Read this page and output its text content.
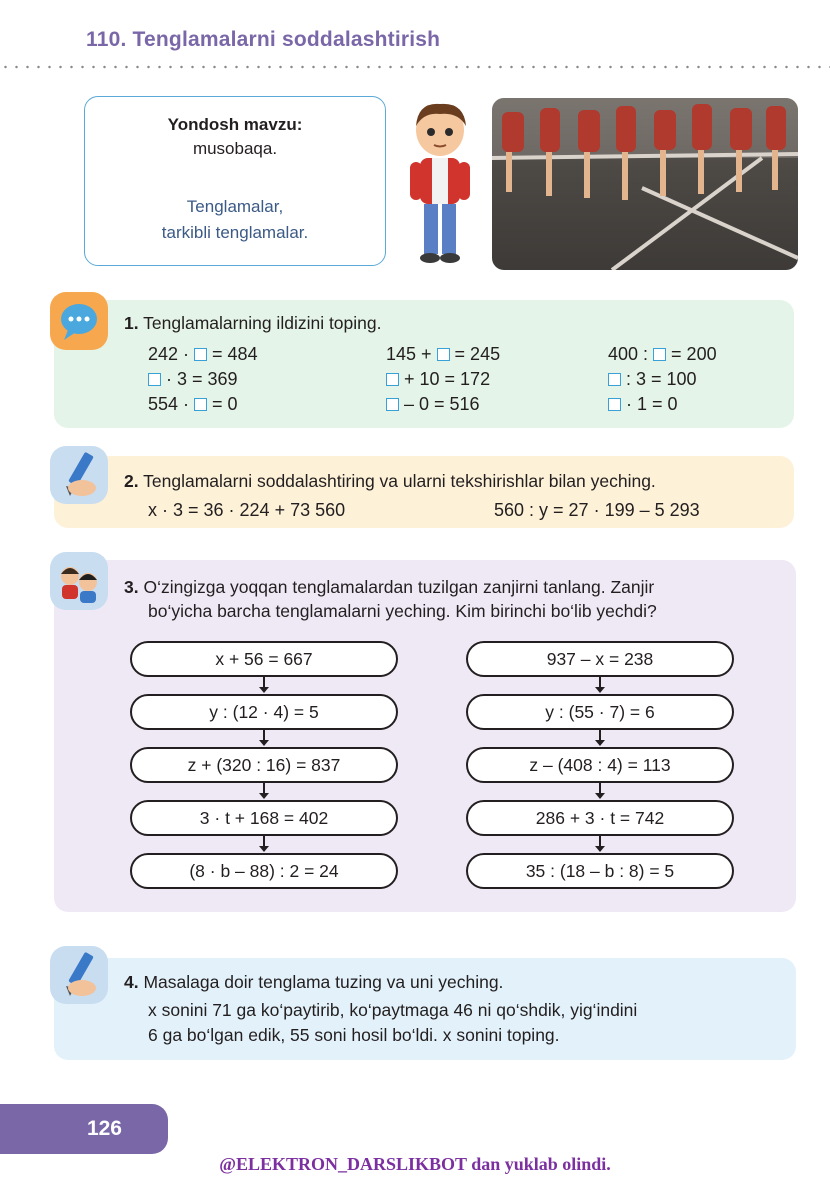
110. Tenglamalarni soddalashtirish
Yondosh mavzu:
musobaqa.
Tenglamalar,
tarkibli tenglamalar.
1. Tenglamalarning ildizini toping.
242 ·  = 484
· 3 = 369
554 ·  = 0
145 +  = 245
+ 10 = 172
– 0 = 516
400 :  = 200
: 3 = 100
· 1 = 0
2. Tenglamalarni soddalashtiring va ularni tekshirishlar bilan yeching.
x · 3 = 36 · 224 + 73 560	560 : y = 27 · 199 – 5 293
3. O‘zingizga yoqqan tenglamalardan tuzilgan zanjirni tanlang. Zanjir
bo‘yicha barcha tenglamalarni yeching. Kim birinchi bo‘lib yechdi?
x + 56 = 667
y : (12 · 4) = 5
z + (320 : 16) = 837
3 · t + 168 = 402
(8 · b – 88) : 2 = 24
937 – x = 238
y : (55 · 7) = 6
z – (408 : 4) = 113
286 + 3 · t = 742
35 : (18 – b : 8) = 5
4. Masalaga doir tenglama tuzing va uni yeching.
x sonini 71 ga ko‘paytirib, ko‘paytmaga 46 ni qo‘shdik, yig‘indini
6 ga bo‘lgan edik, 55 soni hosil bo‘ldi. x sonini toping.
126
@ELEKTRON_DARSLIKBOT dan yuklab olindi.
